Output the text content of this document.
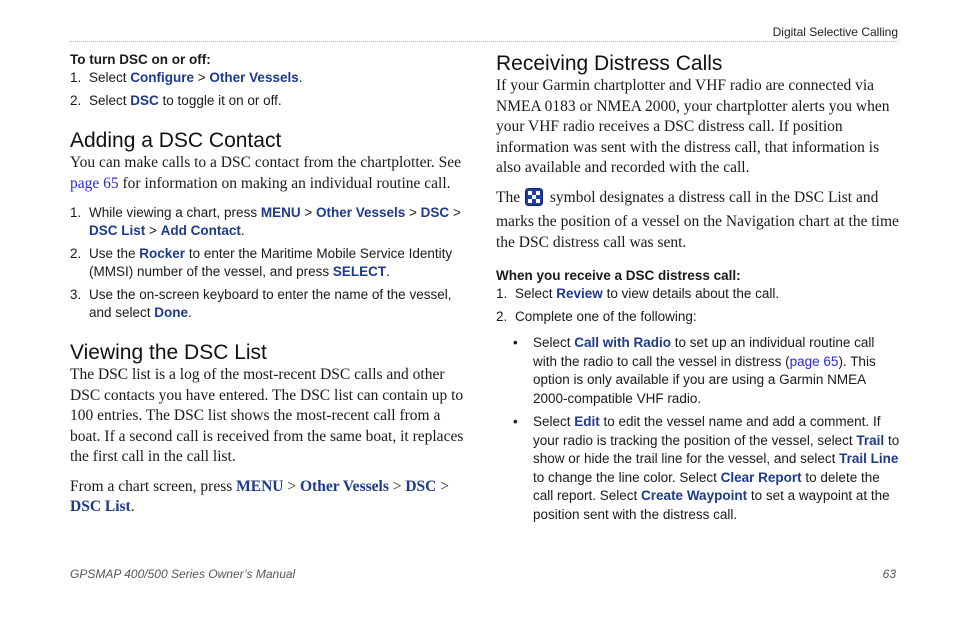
Digital Selective Calling

To turn DSC on or off:

1. Select Configure > Other Vessels.
2. Select DSC to toggle it on or off.
Adding a DSC Contact

You can make calls to a DSC contact from the chartplotter. See page 65 for information on making an individual routine call.

1. While viewing a chart, press MENU > Other Vessels > DSC > DSC List > Add Contact.
2. Use the Rocker to enter the Maritime Mobile Service Identity (MMSI) number of the vessel, and press SELECT.
3. Use the on-screen keyboard to enter the name of the vessel, and select Done.
Viewing the DSC List

The DSC list is a log of the most-recent DSC calls and other DSC contacts you have entered. The DSC list can contain up to 100 entries. The DSC list shows the most-recent call from a boat. If a second call is received from the same boat, it replaces the first call in the call list.

From a chart screen, press MENU > Other Vessels > DSC > DSC List.

Receiving Distress Calls

If your Garmin chartplotter and VHF radio are connected via NMEA 0183 or NMEA 2000, your chartplotter alerts you when your VHF radio receives a DSC distress call. If position information was sent with the distress call, that information is also available and recorded with the call.

The  symbol designates a distress call in the DSC List and marks the position of a vessel on the Navigation chart at the time the DSC distress call was sent.

When you receive a DSC distress call:

1. Select Review to view details about the call.
2. Complete one of the following:
•	Select Call with Radio to set up an individual routine call with the radio to call the vessel in distress (page 65). This option is only available if you are using a Garmin NMEA 2000-compatible VHF radio.
•	Select Edit to edit the vessel name and add a comment. If your radio is tracking the position of the vessel, select Trail to show or hide the trail line for the vessel, and select Trail Line to change the line color. Select Clear Report to delete the call report. Select Create Waypoint to set a waypoint at the position sent with the distress call.
GPSMAP 400/500 Series Owner’s Manual	63
